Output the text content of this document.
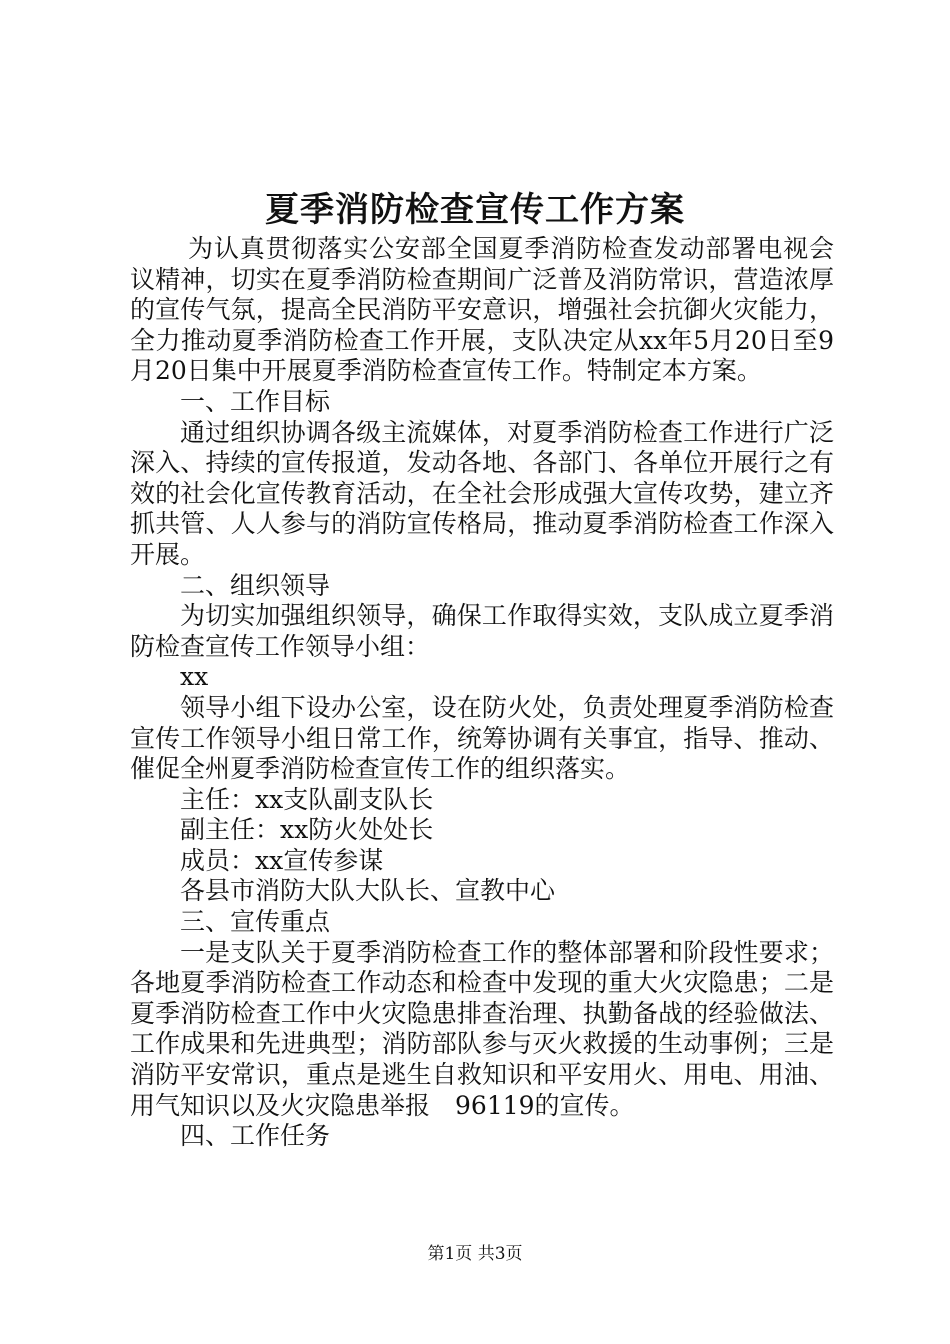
夏季消防检查宣传工作方案

为认真贯彻落实公安部全国夏季消防检查发动部署电视会议精神，切实在夏季消防检查期间广泛普及消防常识，营造浓厚的宣传气氛，提高全民消防平安意识，增强社会抗御火灾能力，全力推动夏季消防检查工作开展，支队决定从xx年5月20日至9月20日集中开展夏季消防检查宣传工作。特制定本方案。

一、工作目标

通过组织协调各级主流媒体，对夏季消防检查工作进行广泛深入、持续的宣传报道，发动各地、各部门、各单位开展行之有效的社会化宣传教育活动，在全社会形成强大宣传攻势，建立齐抓共管、人人参与的消防宣传格局，推动夏季消防检查工作深入开展。

二、组织领导

为切实加强组织领导，确保工作取得实效，支队成立夏季消防检查宣传工作领导小组：

xx

领导小组下设办公室，设在防火处，负责处理夏季消防检查宣传工作领导小组日常工作，统筹协调有关事宜，指导、推动、催促全州夏季消防检查宣传工作的组织落实。

主任：xx支队副支队长

副主任：xx防火处处长

成员：xx宣传参谋

各县市消防大队大队长、宣教中心

三、宣传重点

一是支队关于夏季消防检查工作的整体部署和阶段性要求；各地夏季消防检查工作动态和检查中发现的重大火灾隐患；二是夏季消防检查工作中火灾隐患排查治理、执勤备战的经验做法、工作成果和先进典型；消防部队参与灭火救援的生动事例；三是消防平安常识，重点是逃生自救知识和平安用火、用电、用油、用气知识以及火灾隐患举报　96119的宣传。

四、工作任务

第1页 共3页
